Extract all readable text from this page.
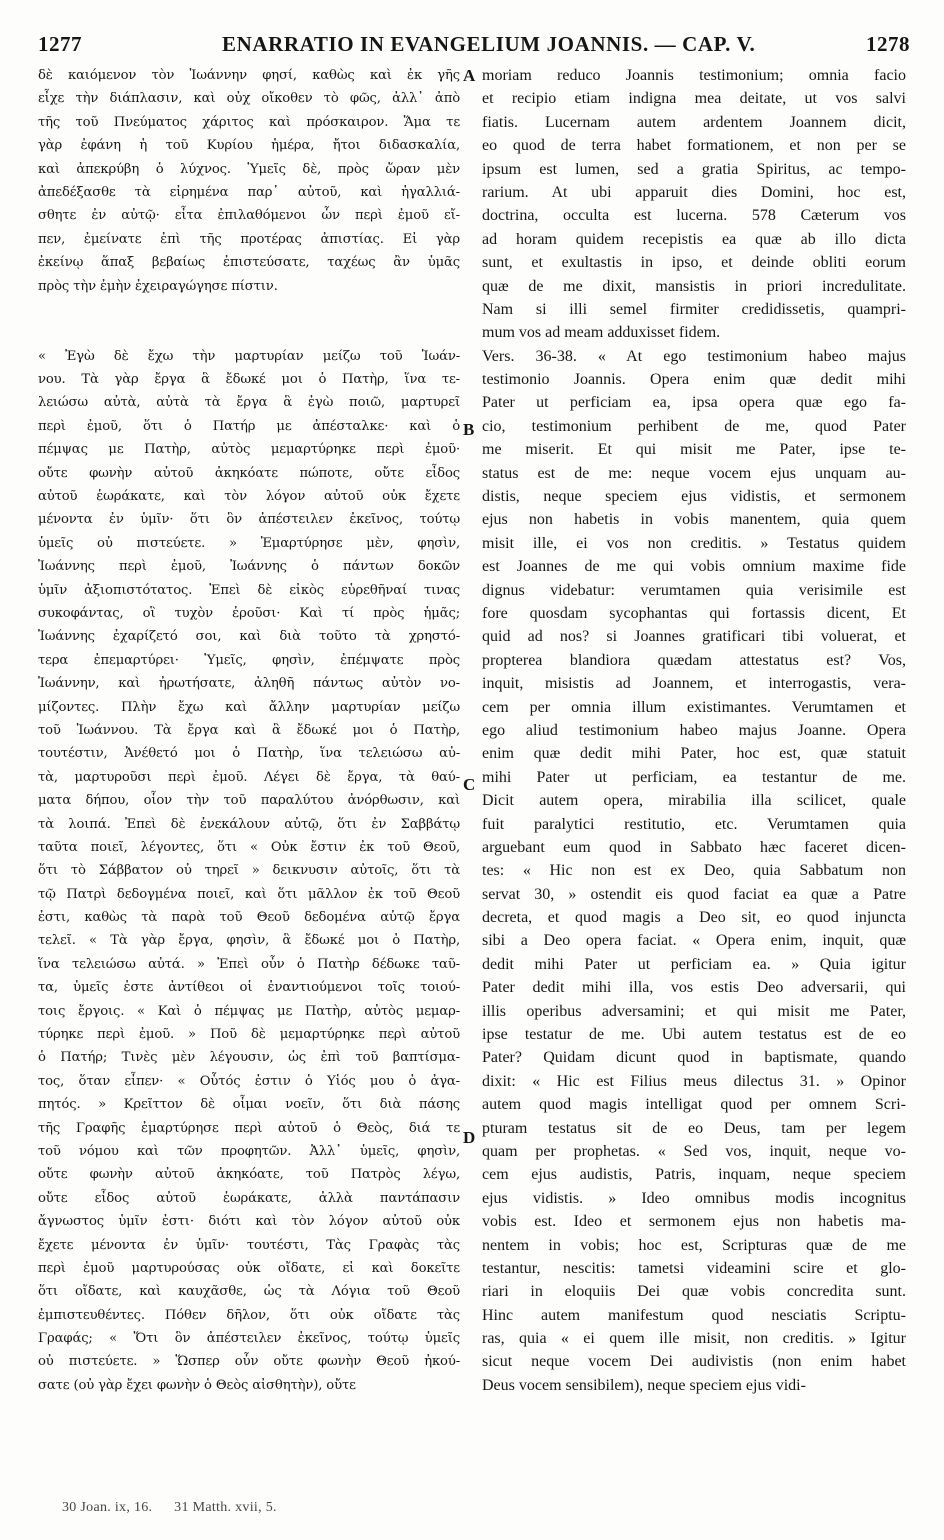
1277	ENARRATIO IN EVANGELIUM JOANNIS. — CAP. V.	1278
δὲ καιόμενον τὸν Ἰωάννην φησί, καθὼς καὶ ἐκ γῆς
εἶχε τὴν διάπλασιν, καὶ οὐχ οἴκοθεν τὸ φῶς, ἀλλ᾽ ἀπὸ
τῆς τοῦ Πνεύματος χάριτος καὶ πρόσκαιρον. Ἅμα τε
γὰρ ἐφάνη ἡ τοῦ Κυρίου ἡμέρα, ἤτοι διδασκαλία,
καὶ ἀπεκρύβη ὁ λύχνος. Ὑμεῖς δὲ, πρὸς ὥραν μὲν
ἀπεδέξασθε τὰ εἰρημένα παρ᾽ αὐτοῦ, καὶ ἠγαλλιά-
σθητε ἐν αὐτῷ· εἶτα ἐπιλαθόμενοι ὧν περὶ ἐμοῦ εἴ-
πεν, ἐμείνατε ἐπὶ τῆς προτέρας ἀπιστίας. Εἰ γὰρ
ἐκείνῳ ἅπαξ βεβαίως ἐπιστεύσατε, ταχέως ἂν ὑμᾶς
πρὸς τὴν ἐμὴν ἐχειραγώγησε πίστιν.
« Ἐγὼ δὲ ἔχω τὴν μαρτυρίαν μείζω τοῦ Ἰωάν-
νου. Τὰ γὰρ ἔργα ἃ ἔδωκέ μοι ὁ Πατὴρ, ἵνα τε-
λειώσω αὐτὰ, αὐτὰ τὰ ἔργα ἃ ἐγὼ ποιῶ, μαρτυρεῖ
περὶ ἐμοῦ, ὅτι ὁ Πατήρ με ἀπέσταλκε· καὶ ὁ
πέμψας με Πατὴρ, αὐτὸς μεμαρτύρηκε περὶ ἐμοῦ·
οὔτε φωνὴν αὐτοῦ ἀκηκόατε πώποτε, οὔτε εἶδος
αὐτοῦ ἑωράκατε, καὶ τὸν λόγον αὐτοῦ οὐκ ἔχετε
μένοντα ἐν ὑμῖν· ὅτι ὃν ἀπέστειλεν ἐκεῖνος, τούτῳ
ὑμεῖς οὐ πιστεύετε. » Ἐμαρτύρησε μὲν, φησὶν,
Ἰωάννης περὶ ἐμοῦ, Ἰωάννης ὁ πάντων δοκῶν
ὑμῖν ἀξιοπιστότατος. Ἐπεὶ δὲ εἰκὸς εὑρεθῆναί τινας
συκοφάντας, οἳ τυχὸν ἐροῦσι· Καὶ τί πρὸς ἡμᾶς;
Ἰωάννης ἐχαρίζετό σοι, καὶ διὰ τοῦτο τὰ χρηστό-
τερα ἐπεμαρτύρει· Ὑμεῖς, φησὶν, ἐπέμψατε πρὸς
Ἰωάννην, καὶ ἠρωτήσατε, ἀληθῆ πάντως αὐτὸν νο-
μίζοντες. Πλὴν ἔχω καὶ ἄλλην μαρτυρίαν μείζω
τοῦ Ἰωάννου. Τὰ ἔργα καὶ ἃ ἔδωκέ μοι ὁ Πατὴρ,
τουτέστιν, Ἀνέθετό μοι ὁ Πατὴρ, ἵνα τελειώσω αὐ-
τὰ, μαρτυροῦσι περὶ ἐμοῦ. Λέγει δὲ ἔργα, τὰ θαύ-
ματα δήπου, οἷον τὴν τοῦ παραλύτου ἀνόρθωσιν, καὶ
τὰ λοιπά. Ἐπεὶ δὲ ἐνεκάλουν αὐτῷ, ὅτι ἐν Σαββάτῳ
ταῦτα ποιεῖ, λέγοντες, ὅτι « Οὐκ ἔστιν ἐκ τοῦ Θεοῦ,
ὅτι τὸ Σάββατον οὐ τηρεῖ » δεικνυσιν αὐτοῖς, ὅτι τὰ
τῷ Πατρὶ δεδογμένα ποιεῖ, καὶ ὅτι μᾶλλον ἐκ τοῦ Θεοῦ
ἐστι, καθὼς τὰ παρὰ τοῦ Θεοῦ δεδομένα αὐτῷ ἔργα
τελεῖ. « Τὰ γὰρ ἔργα, φησὶν, ἃ ἔδωκέ μοι ὁ Πατὴρ,
ἵνα τελειώσω αὐτά. » Ἐπεὶ οὖν ὁ Πατὴρ δέδωκε ταῦ-
τα, ὑμεῖς ἐστε ἀντίθεοι οἱ ἐναντιούμενοι τοῖς τοιού-
τοις ἔργοις. « Καὶ ὁ πέμψας με Πατὴρ, αὐτὸς μεμαρ-
τύρηκε περὶ ἐμοῦ. » Ποῦ δὲ μεμαρτύρηκε περὶ αὐτοῦ
ὁ Πατήρ; Τινὲς μὲν λέγουσιν, ὡς ἐπὶ τοῦ βαπτίσμα-
τος, ὅταν εἶπεν· « Οὗτός ἐστιν ὁ Υἱός μου ὁ ἀγα-
πητός. » Κρεῖττον δὲ οἶμαι νοεῖν, ὅτι διὰ πάσης
τῆς Γραφῆς ἐμαρτύρησε περὶ αὐτοῦ ὁ Θεὸς, διά τε
τοῦ νόμου καὶ τῶν προφητῶν. Ἀλλ᾽ ὑμεῖς, φησὶν,
οὔτε φωνὴν αὐτοῦ ἀκηκόατε, τοῦ Πατρὸς λέγω,
οὔτε εἶδος αὐτοῦ ἑωράκατε, ἀλλὰ παντάπασιν
ἄγνωστος ὑμῖν ἐστι· διότι καὶ τὸν λόγον αὐτοῦ οὐκ
ἔχετε μένοντα ἐν ὑμῖν· τουτέστι, Τὰς Γραφὰς τὰς
περὶ ἐμοῦ μαρτυρούσας οὐκ οἴδατε, εἰ καὶ δοκεῖτε
ὅτι οἴδατε, καὶ καυχᾶσθε, ὡς τὰ Λόγια τοῦ Θεοῦ
ἐμπιστευθέντες. Πόθεν δῆλον, ὅτι οὐκ οἴδατε τὰς
Γραφάς; « Ὅτι ὃν ἀπέστειλεν ἐκεῖνος, τούτῳ ὑμεῖς
οὐ πιστεύετε. » Ὥσπερ οὖν οὔτε φωνὴν Θεοῦ ἠκού-
σατε (οὐ γὰρ ἔχει φωνὴν ὁ Θεὸς αἰσθητὴν), οὔτε
moriam reduco Joannis testimonium; omnia facio
et recipio etiam indigna mea deitate, ut vos salvi
fiatis. Lucernam autem ardentem Joannem dicit,
eo quod de terra habet formationem, et non per se
ipsum est lumen, sed a gratia Spiritus, ac tempo-
rarium. At ubi apparuit dies Domini, hoc est,
doctrina, occulta est lucerna. 578 Cæterum vos
ad horam quidem recepistis ea quæ ab illo dicta
sunt, et exultastis in ipso, et deinde obliti eorum
quæ de me dixit, mansistis in priori incredulitate.
Nam si illi semel firmiter credidissetis, quampri-
mum vos ad meam adduxisset fidem.
Vers. 36-38. « At ego testimonium habeo majus
testimonio Joannis. Opera enim quæ dedit mihi
Pater ut perficiam ea, ipsa opera quæ ego fa-
cio, testimonium perhibent de me, quod Pater
me miserit. Et qui misit me Pater, ipse te-
status est de me: neque vocem ejus unquam au-
distis, neque speciem ejus vidistis, et sermonem
ejus non habetis in vobis manentem, quia quem
misit ille, ei vos non creditis. » Testatus quidem
est Joannes de me qui vobis omnium maxime fide
dignus videbatur: verumtamen quia verisimile est
fore quosdam sycophantas qui fortassis dicent, Et
quid ad nos? si Joannes gratificari tibi voluerat, et
propterea blandiora quædam attestatus est? Vos,
inquit, misistis ad Joannem, et interrogastis, vera-
cem per omnia illum existimantes. Verumtamen et
ego aliud testimonium habeo majus Joanne. Opera
enim quæ dedit mihi Pater, hoc est, quæ statuit
mihi Pater ut perficiam, ea testantur de me.
Dicit autem opera, mirabilia illa scilicet, quale
fuit paralytici restitutio, etc. Verumtamen quia
arguebant eum quod in Sabbato hæc faceret dicen-
tes: « Hic non est ex Deo, quia Sabbatum non
servat 30, » ostendit eis quod faciat ea quæ a Patre
decreta, et quod magis a Deo sit, eo quod injuncta
sibi a Deo opera faciat. « Opera enim, inquit, quæ
dedit mihi Pater ut perficiam ea. » Quia igitur
Pater dedit mihi illa, vos estis Deo adversarii, qui
illis operibus adversamini; et qui misit me Pater,
ipse testatur de me. Ubi autem testatus est de eo
Pater? Quidam dicunt quod in baptismate, quando
dixit: « Hic est Filius meus dilectus 31. » Opinor
autem quod magis intelligat quod per omnem Scri-
pturam testatus sit de eo Deus, tam per legem
quam per prophetas. « Sed vos, inquit, neque vo-
cem ejus audistis, Patris, inquam, neque speciem
ejus vidistis. » Ideo omnibus modis incognitus
vobis est. Ideo et sermonem ejus non habetis ma-
nentem in vobis; hoc est, Scripturas quæ de me
testantur, nescitis: tametsi videamini scire et glo-
riari in eloquiis Dei quæ vobis concredita sunt.
Hinc autem manifestum quod nesciatis Scriptu-
ras, quia « ei quem ille misit, non creditis. » Igitur
sicut neque vocem Dei audivistis (non enim habet
Deus vocem sensibilem), neque speciem ejus vidi-
A
B
C
D
30 Joan. ix, 16. 31 Matth. xvii, 5.
